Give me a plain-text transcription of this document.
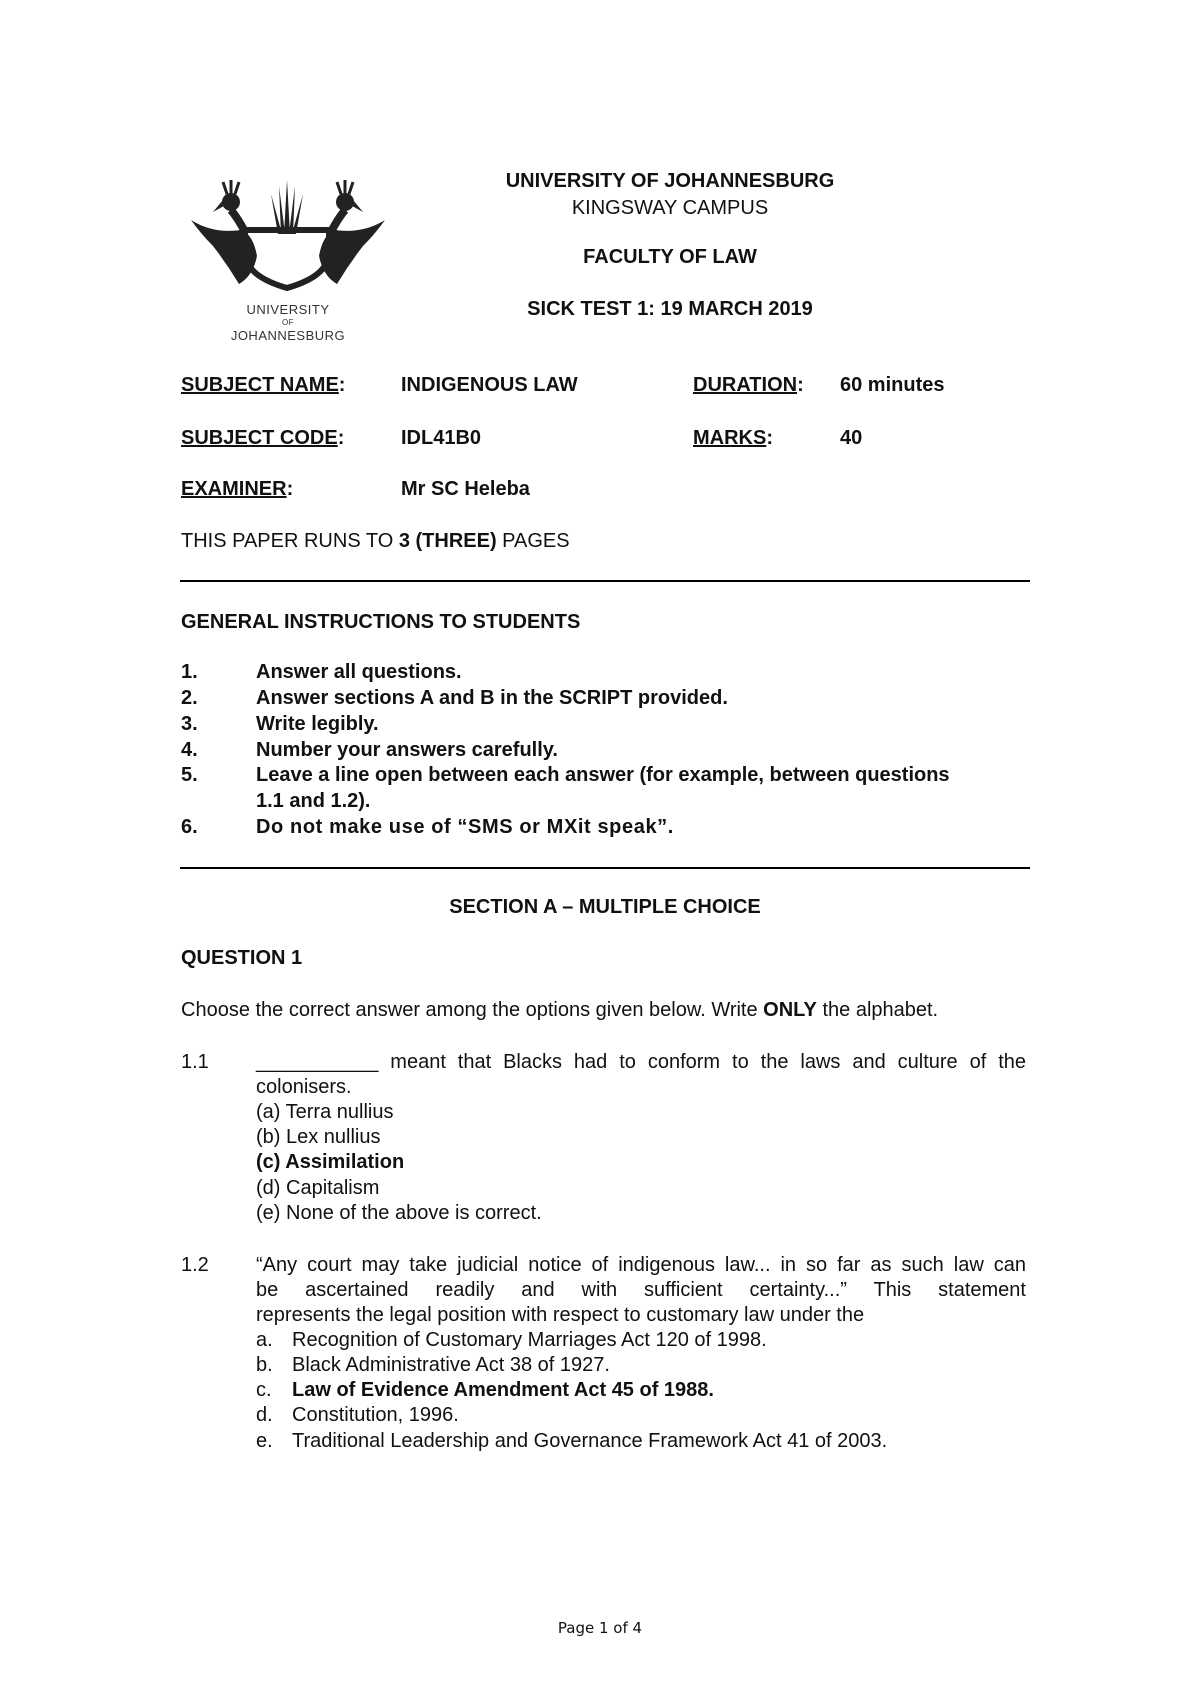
UNIVERSITY
OF
JOHANNESBURG
UNIVERSITY OF JOHANNESBURG
KINGSWAY CAMPUS
FACULTY OF LAW
SICK TEST 1: 19 MARCH 2019
SUBJECT NAME:	INDIGENOUS LAW	DURATION: 60 minutes
SUBJECT CODE:	IDL41B0	MARKS:	40
EXAMINER:	Mr SC Heleba
THIS PAPER RUNS TO 3 (THREE) PAGES
GENERAL INSTRUCTIONS TO STUDENTS
1.	Answer all questions.
2.	Answer sections A and B in the SCRIPT provided.
3.	Write legibly.
4.	Number your answers carefully.
5.	Leave a line open between each answer (for example, between questions
1.1 and 1.2).
6.	Do not make use of “SMS or MXit speak”.
SECTION A – MULTIPLE CHOICE
QUESTION 1
Choose the correct answer among the options given below. Write ONLY the alphabet.
1.1 ___________ meant that Blacks had to conform to the laws and culture of the
colonisers.
(a) Terra nullius
(b) Lex nullius
(c) Assimilation
(d) Capitalism
(e) None of the above is correct.
1.2 “Any court may take judicial notice of indigenous law... in so far as such law can
be ascertained readily and with sufficient certainty...” This statement
represents the legal position with respect to customary law under the
a. Recognition of Customary Marriages Act 120 of 1998.
b. Black Administrative Act 38 of 1927.
c. Law of Evidence Amendment Act 45 of 1988.
d. Constitution, 1996.
e. Traditional Leadership and Governance Framework Act 41 of 2003.
Page 1 of 4
